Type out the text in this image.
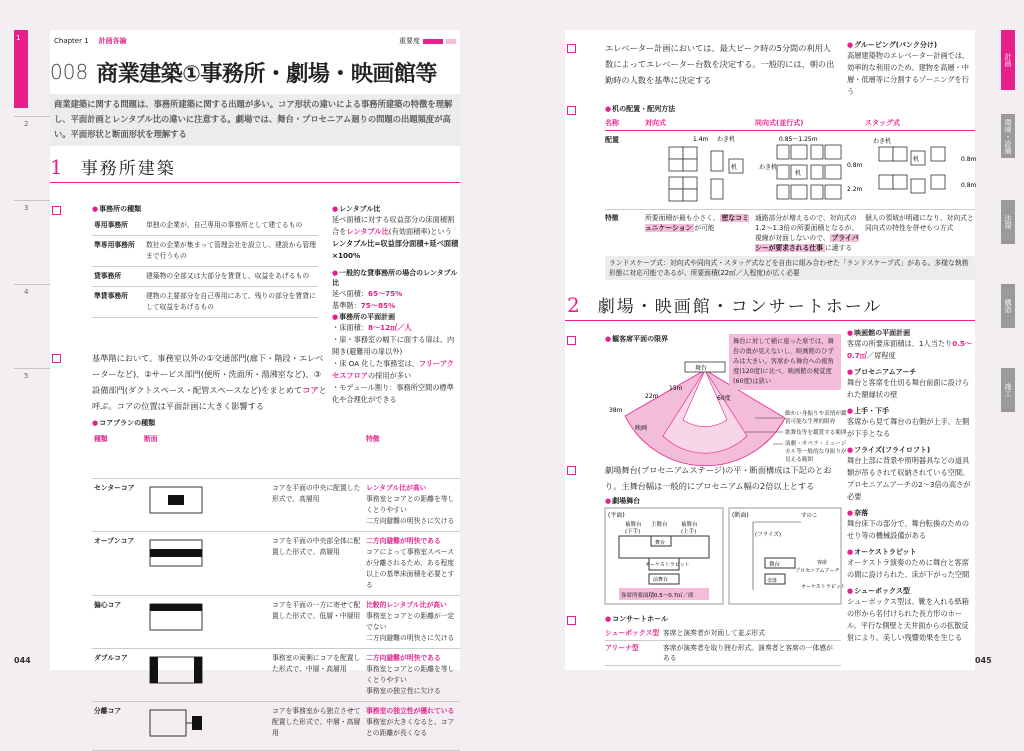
1
2
3
4
5
044
Chapter 1 計画各論	重要度
008 商業建築①事務所・劇場・映画館等
商業建築に関する問題は、事務所建築に関する出題が多い。コア形状の違いによる事務所建築の特徴を理解し、平面計画とレンタブル比の違いに注意する。劇場では、舞台・プロセニアム廻りの問題の出題頻度が高い。平面形状と断面形状を理解する
1 事務所建築
● 事務所の種類
専用事務所	単独の企業が、自己専用の事務所として建てるもの
準専用事務所	数社の企業が集まって管理会社を設立し、建設から管理まで行うもの
貸事務所	建築物の全部又は大部分を賃貸し、収益をあげるもの
準貸事務所	建物の主要部分を自己専用にあて、残りの部分を賃貸にして収益をあげるもの
● レンタブル比
延べ面積に対する収益部分の床面積割合をレンタブル比(有効面積率)という
レンタブル比=収益部分面積÷延べ面積×100%
● 一般的な貸事務所の場合のレンタブル比
延べ面積：65～75%
基準階：75～85%
● 事務所の平面計画
・床面積：8～12㎡／人
・扉・事務室の幅下に面する扉は、内開き(避難用の扉以外)
・床 OA 化した事務室は、フリーアクセスフロアの採用が多い
・モデュール割り：事務所空間の標準化や合理化ができる
基準階において、事務室以外の①交通部門(廊下・階段・エレベーターなど)、②サービス部門(便所・洗面所・湯沸室など)、③設備部門(ダクトスペース・配管スペースなど)をまとめてコアと呼ぶ。コアの位置は平面計画に大きく影響する
● コアプランの種類
種類	断面		特徴
センターコア		コアを平面の中央に配置した形式で、高層用	レンタブル比が高い
事務室とコアとの距離を等しくとりやすい
二方向避難の明快さに欠ける

オープンコア		コアを平面の中央部全体に配置した形式で、高層用	二方向避難が明快である
コアによって事務室スペースが分離されるため、ある程度以上の基準床面積を必要とする

偏心コア		コアを平面の一方に寄せて配置した形式で、低層・中層用	比較的レンタブル比が高い
事務室とコアとの距離が一定でない
二方向避難の明快さに欠ける

ダブルコア		事務室の両側にコアを配置した形式で、中層・高層用	二方向避難が明快である
事務室とコアとの距離を等しくとりやすい
事務室の独立性に欠ける

分離コア		コアを事務室から独立させて配置した形式で、中層・高層用	事務室の独立性が優れている
事務室が大きくなると、コアとの距離が長くなる
エレベーター計画においては、最大ピーク時の5分間の利用人数によってエレベーター台数を決定する。一般的には、朝の出勤時の人数を基準に決定する
● グルーピング(バンク分け)
高層建築物のエレベーター計画では、効率的な利用のため、建物を高層・中層・低層等に分割するゾーニングを行う
● 机の配置・配列方法
名称	対向式	同向式(並行式)	スタッグ式
配置	1.4m わき机
机
0.85～1.25m
わき机	0.8m
2.2m
机
わき机
0.8m
0.8m
机
特徴	所要面積が最も小さく、 密なコミュニケーション が可能
通路部分が増えるので、対向式の1.2～1.3倍の所要面積となるが、視線が対面しないので、 プライバシーが要求される仕事 に適する
個人の領域が明確になり、対向式と同向式の特性を併せもつ方式
ランドスケープ式：対向式や同向式・スタッグ式などを自由に組み合わせた「ランドスケープ式」がある。多様な執務形態に対応可能であるが、所要面積(22㎡／人程度)が広く必要
2 劇場・映画館・コンサートホール
● 観客席平面の限界
舞台
15m
22m
38m
60度
映画
舞台に対して横に座った席では、舞台の奥が見えないし、映画館のひずみは大きい。客席から舞台への視角度(120度)に比べ、映画館の視覚度(60度)は狭い
細かい身振りや表情が鑑賞可能な生理的限界
歌舞伎等を鑑賞する範囲
演劇・オペラ・ミュージカル等一般的な身振りが見える範囲
劇場舞台(プロセニアムステージ)の平・断面構成は下記のとおり。主舞台幅は一般的にプロセニアム幅の2倍以上とする
● 劇場舞台
(平面)
袖舞台
(下手)
主舞台 袖舞台
(上手)
舞台
オーケストラピット
前舞台
客席所要面積0.5～0.7㎡／席
(断面)	すのこ
(フライズ)
舞台
プロセニアムアーチ
奈落
オーケストラピット
客席
● コンサートホール
シューボックス型 客席と演奏者が対面して並ぶ形式
アリーナ型	客席が演奏者を取り囲む形式。演奏者と客席の一体感がある
● 映画館の平面計画
客席の所要床面積は、1人当たり0.5～0.7㎡／席程度
● プロセニアムアーチ
舞台と客席を仕切る舞台前面に設けられた額縁状の壁
● 上手・下手
客席から見て舞台の右側が上手、左側が下手となる
● フライズ(フライロフト)
舞台上部に背景や照明器具などの道具類が吊るされて収納されている空間。プロセニアムアーチの2～3倍の高さが必要
● 奈落
舞台床下の部分で、舞台転換のためのせり等の機械設備がある
● オーケストラピット
オーケストラ演奏のために舞台と客席の間に設けられた、床が下がった空間
● シューボックス型
シューボックス型は、靴を入れる紙箱の形から名付けられた長方形のホール。平行な側壁と天井面からの拡散反射により、美しい残響効果を生じる
計画
環境・設備
法規
構造
施工
045
